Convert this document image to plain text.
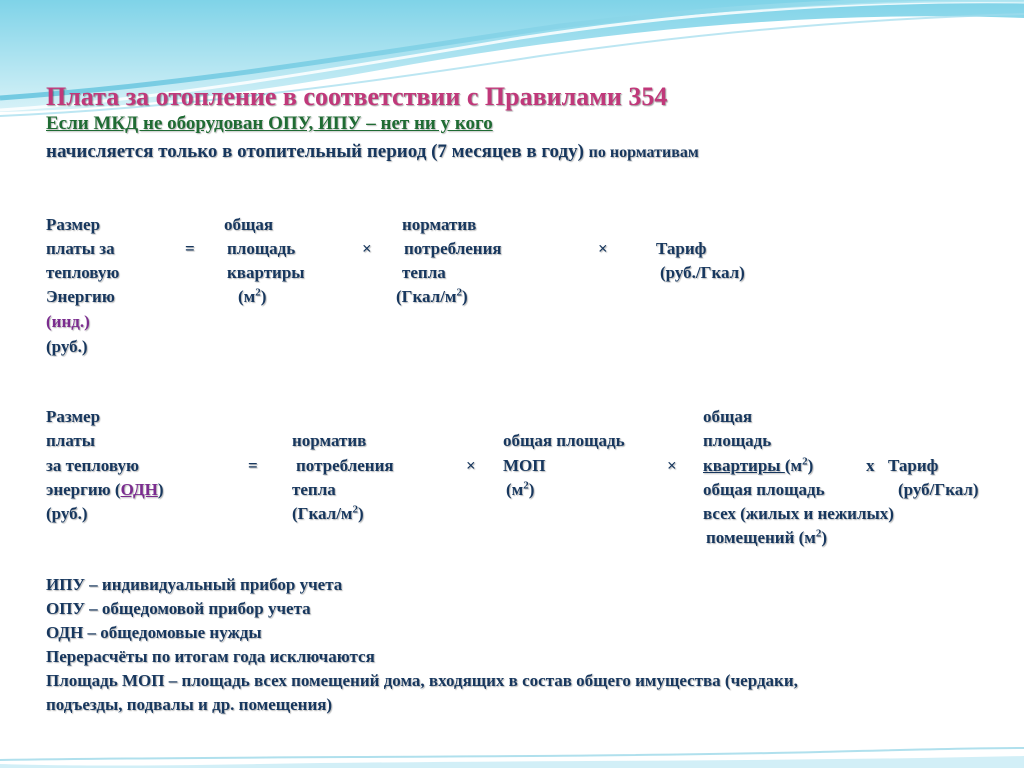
Плата за отопление в соответствии с Правилами 354
Если МКД не оборудован ОПУ, ИПУ – нет ни у кого
начисляется только в отопительный период (7 месяцев в году) по нормативам
Размер
платы за
тепловую
Энергию
(инд.)
(руб.)
=
общая
площадь
квартиры
$(м^2)$
×
норматив
потребления
тепла
$(Гкал/м^2)$
×	Тариф
(руб./Гкал)
Размер
платы
за тепловую
энергию (ОДН)
(руб.)
=
норматив
потребления
тепла
$(Гкал/м^2)$
×
общая площадь
МОП
$(м^2)$
×
общая
площадь
квартиры $(м^2)$	х Тариф
общая площадь	(руб/Гкал)
всех (жилых и нежилых)
помещений $(м^2)$
ИПУ – индивидуальный прибор учета
ОПУ – общедомовой прибор учета
ОДН – общедомовые нужды
Перерасчёты по итогам года исключаются
Площадь МОП – площадь всех помещений дома, входящих в состав общего имущества (чердаки,
подъезды, подвалы и др. помещения)
